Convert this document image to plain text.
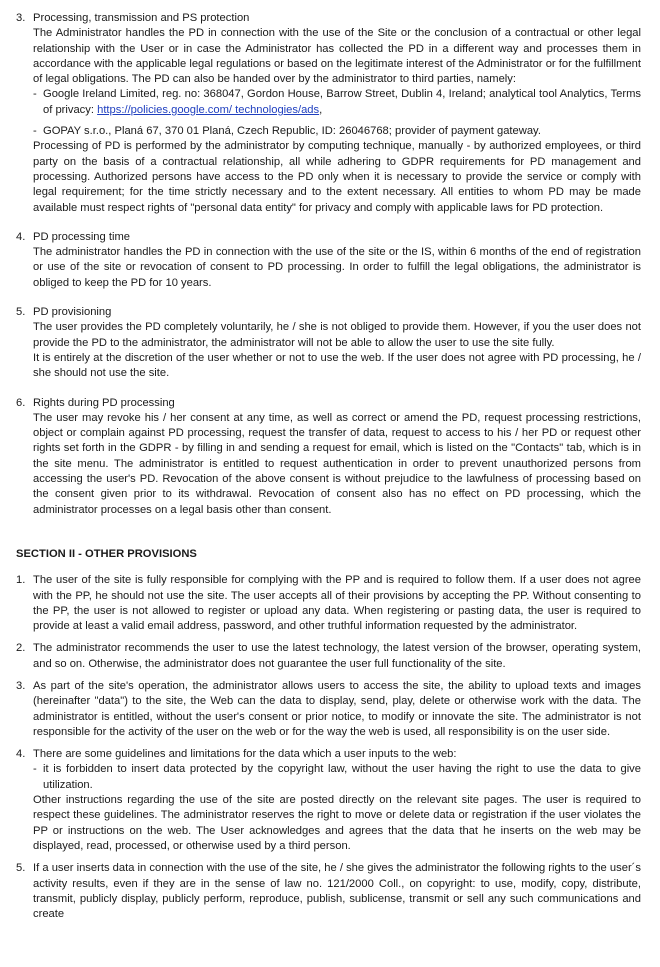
3. Processing, transmission and PS protection

The Administrator handles the PD in connection with the use of the Site or the conclusion of a contractual or other legal relationship with the User or in case the Administrator has collected the PD in a different way and processes them in accordance with the applicable legal regulations or based on the legitimate interest of the Administrator or for the fulfillment of legal obligations. The PD can also be handed over by the administrator to third parties, namely:

- Google Ireland Limited, reg. no: 368047, Gordon House, Barrow Street, Dublin 4, Ireland; analytical tool Analytics, Terms of privacy: https://policies.google.com/ technologies/ads,
- GOPAY s.r.o., Planá 67, 370 01 Planá, Czech Republic, ID: 26046768; provider of payment gateway.

Processing of PD is performed by the administrator by computing technique, manually - by authorized employees, or third party on the basis of a contractual relationship, all while adhering to GDPR requirements for PD management and processing. Authorized persons have access to the PD only when it is necessary to provide the service or comply with legal requirement; for the time strictly necessary and to the extent necessary. All entities to whom PD may be made available must respect rights of "personal data entity" for privacy and comply with applicable laws for PD protection.

4. PD processing time

The administrator handles the PD in connection with the use of the site or the IS, within 6 months of the end of registration or use of the site or revocation of consent to PD processing. In order to fulfill the legal obligations, the administrator is obliged to keep the PD for 10 years.

5. PD provisioning

The user provides the PD completely voluntarily, he / she is not obliged to provide them. However, if you the user does not provide the PD to the administrator, the administrator will not be able to allow the user to use the site fully.

It is entirely at the discretion of the user whether or not to use the web. If the user does not agree with PD processing, he / she should not use the site.

6. Rights during PD processing

The user may revoke his / her consent at any time, as well as correct or amend the PD, request processing restrictions, object or complain against PD processing, request the transfer of data, request to access to his / her PD or request other rights set forth in the GDPR - by filling in and sending a request for email, which is listed on the "Contacts" tab, which is in the site menu. The administrator is entitled to request authentication in order to prevent unauthorized persons from accessing the user's PD. Revocation of the above consent is without prejudice to the lawfulness of processing based on the consent given prior to its withdrawal. Revocation of consent also has no effect on PD processing, which the administrator processes on a legal basis other than consent.

SECTION II - OTHER PROVISIONS

1. The user of the site is fully responsible for complying with the PP and is required to follow them. If a user does not agree with the PP, he should not use the site. The user accepts all of their provisions by accepting the PP. Without consenting to the PP, the user is not allowed to register or upload any data. When registering or pasting data, the user is required to provide at least a valid email address, password, and other truthful information requested by the administrator.

2. The administrator recommends the user to use the latest technology, the latest version of the browser, operating system, and so on. Otherwise, the administrator does not guarantee the user full functionality of the site.

3. As part of the site's operation, the administrator allows users to access the site, the ability to upload texts and images (hereinafter "data") to the site, the Web can the data to display, send, play, delete or otherwise work with the data. The administrator is entitled, without the user's consent or prior notice, to modify or innovate the site. The administrator is not responsible for the activity of the user on the web or for the way the web is used, all responsibility is on the user side.

4. There are some guidelines and limitations for the data which a user inputs to the web:

- it is forbidden to insert data protected by the copyright law, without the user having the right to use the data to give utilization.

Other instructions regarding the use of the site are posted directly on the relevant site pages. The user is required to respect these guidelines. The administrator reserves the right to move or delete data or registration if the user violates the PP or instructions on the web. The User acknowledges and agrees that the data that he inserts on the web may be displayed, read, processed, or otherwise used by a third person.

5. If a user inserts data in connection with the use of the site, he / she gives the administrator the following rights to the user´s activity results, even if they are in the sense of law no. 121/2000 Coll., on copyright: to use, modify, copy, distribute, transmit, publicly display, publicly perform, reproduce, publish, sublicense, transmit or sell any such communications and create
